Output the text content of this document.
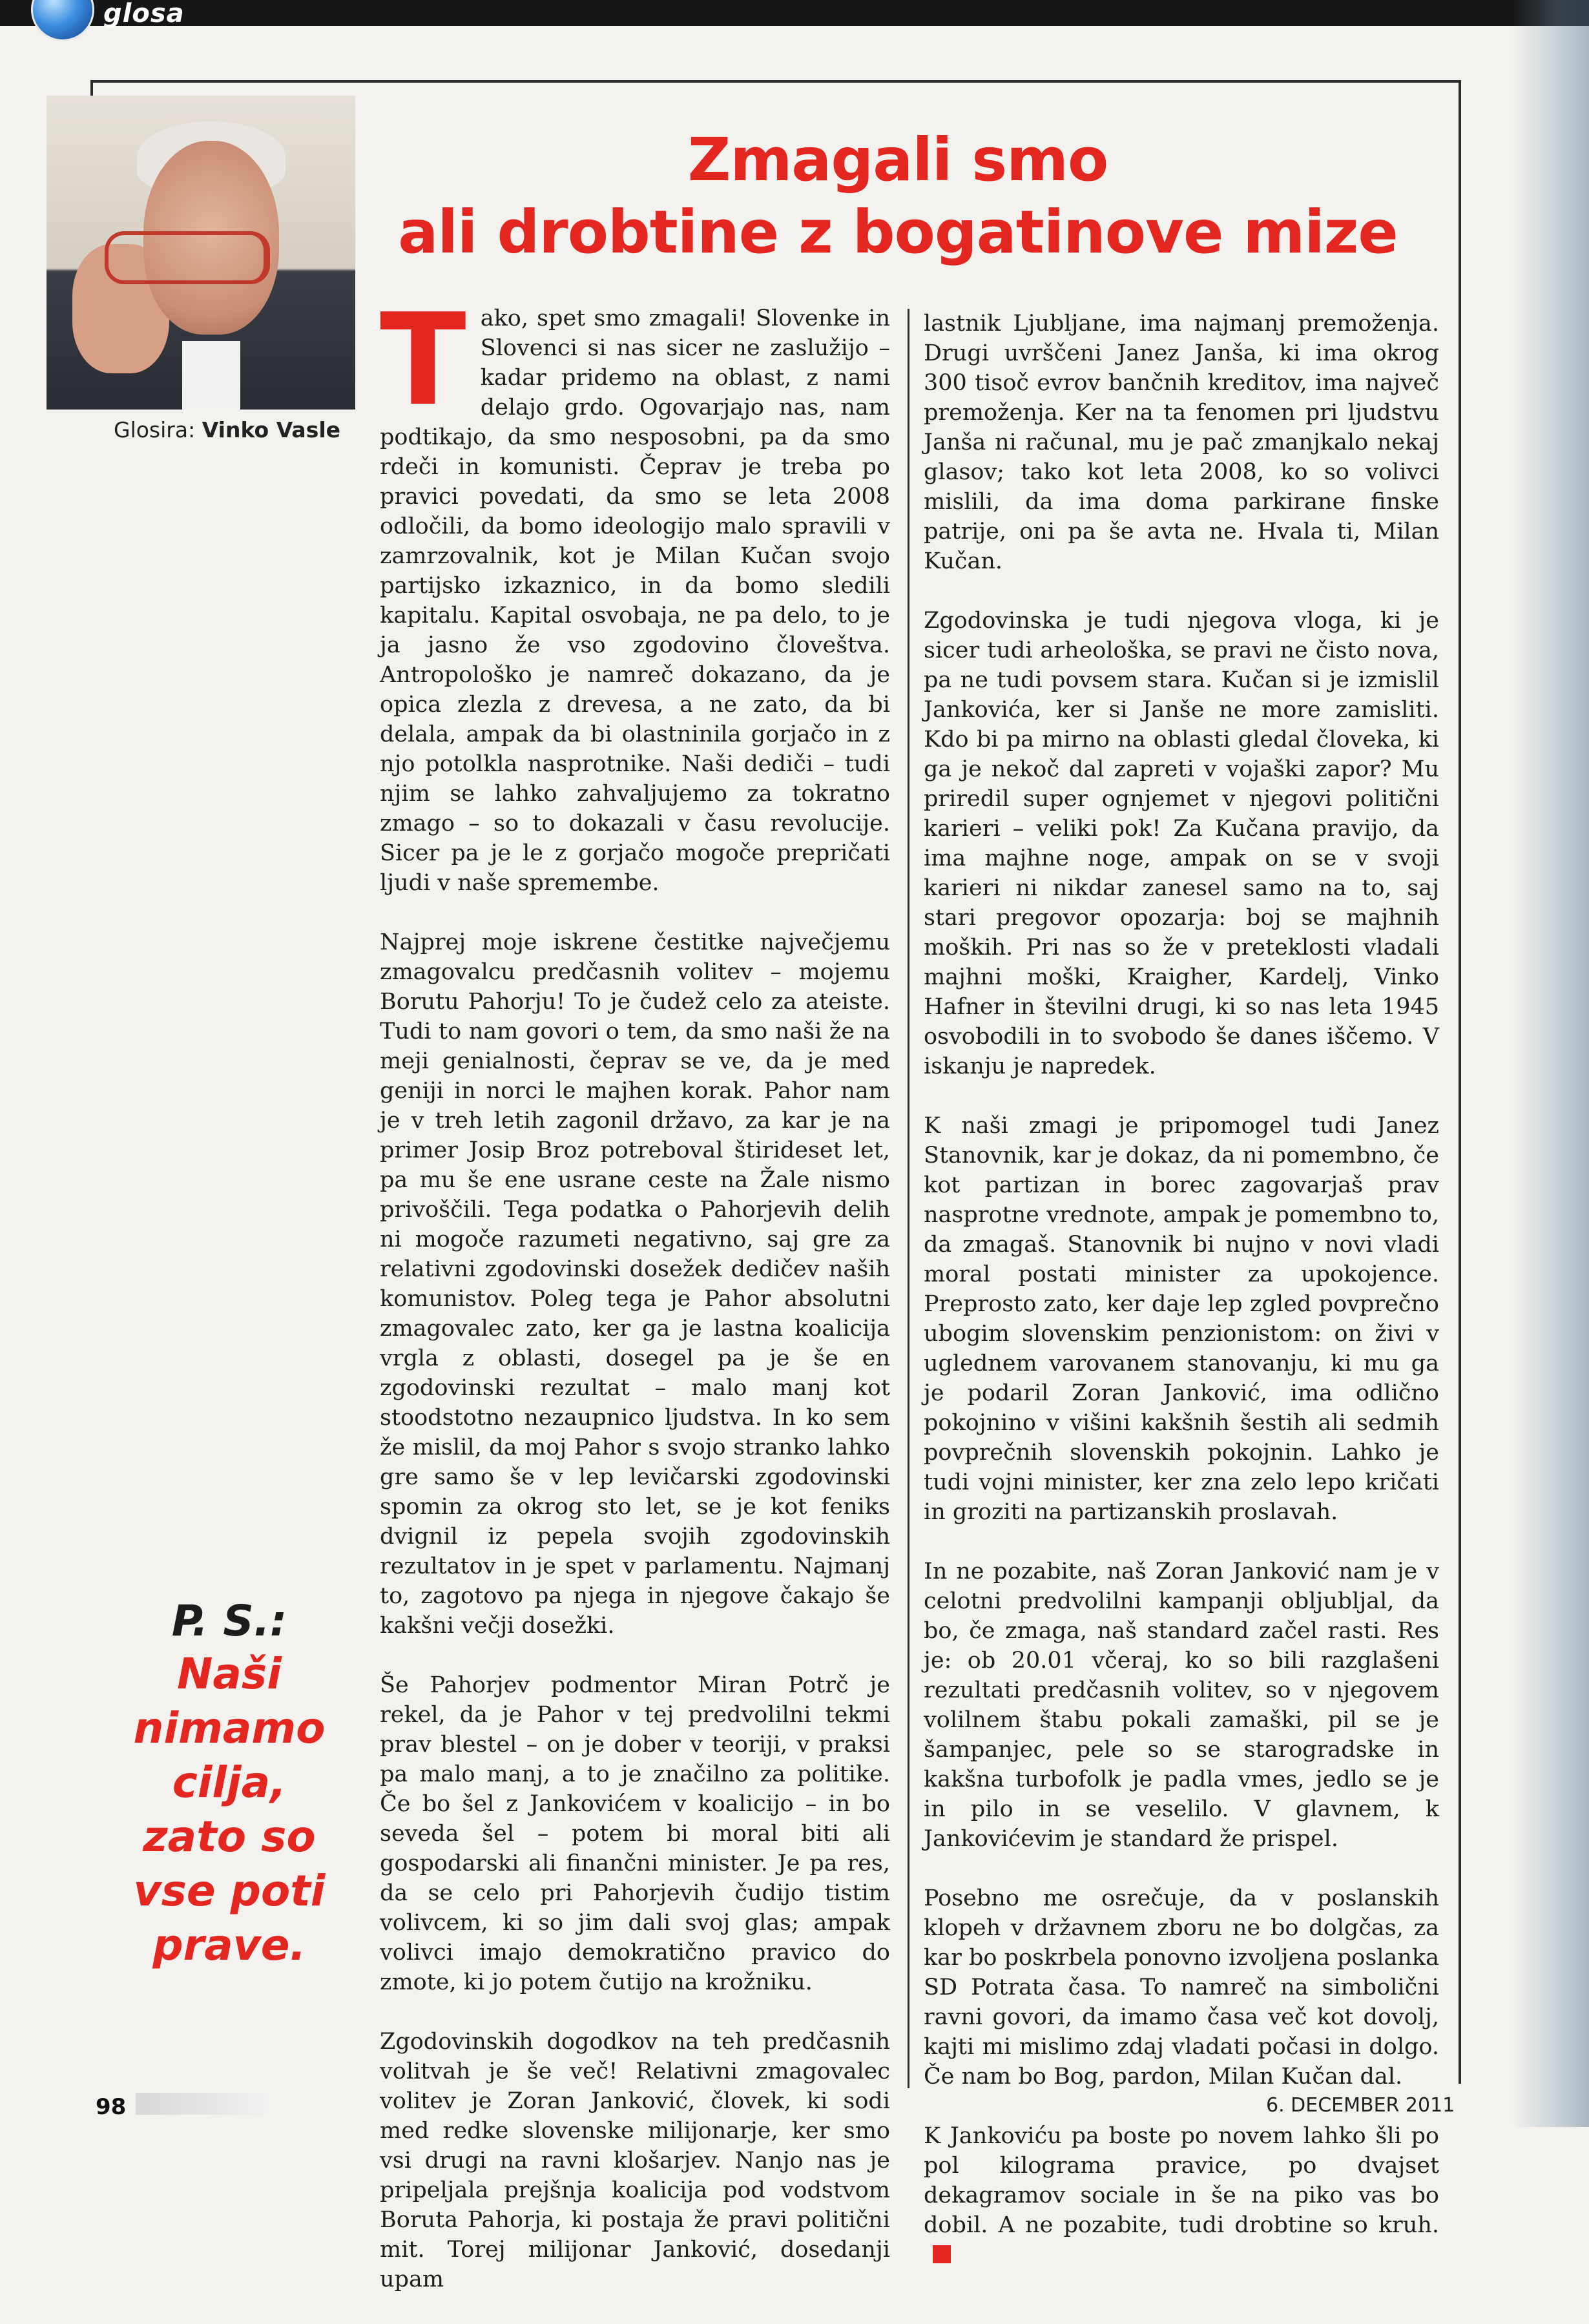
glosa
Glosira: Vinko Vasle
Zmagali smo
ali drobtine z bogatinove mize

Tako, spet smo zmagali! Slovenke in Slovenci si nas sicer ne zaslužijo – kadar pridemo na oblast, z nami delajo grdo. Ogovarjajo nas, nam podtikajo, da smo nesposobni, pa da smo rdeči in komunisti. Čeprav je treba po pravici povedati, da smo se leta 2008 odločili, da bomo ideologijo malo spravili v zamrzovalnik, kot je Milan Kučan svojo partijsko izkaznico, in da bomo sledili kapitalu. Kapital osvobaja, ne pa delo, to je ja jasno že vso zgodovino človeštva. Antropološko je namreč dokazano, da je opica zlezla z drevesa, a ne zato, da bi delala, ampak da bi olastninila gorjačo in z njo potolkla nasprotnike. Naši dediči – tudi njim se lahko zahvaljujemo za tokratno zmago – so to dokazali v času revolucije. Sicer pa je le z gorjačo mogoče prepričati ljudi v naše spremembe.

Najprej moje iskrene čestitke največjemu zmagovalcu predčasnih volitev – mojemu Borutu Pahorju! To je čudež celo za ateiste. Tudi to nam govori o tem, da smo naši že na meji genialnosti, čeprav se ve, da je med geniji in norci le majhen korak. Pahor nam je v treh letih zagonil državo, za kar je na primer Josip Broz potreboval štirideset let, pa mu še ene usrane ceste na Žale nismo privoščili. Tega podatka o Pahorjevih delih ni mogoče razumeti negativno, saj gre za relativni zgodovinski dosežek dedičev naših komunistov. Poleg tega je Pahor absolutni zmagovalec zato, ker ga je lastna koalicija vrgla z oblasti, dosegel pa je še en zgodovinski rezultat – malo manj kot stoodstotno nezaupnico ljudstva. In ko sem že mislil, da moj Pahor s svojo stranko lahko gre samo še v lep levičarski zgodovinski spomin za okrog sto let, se je kot feniks dvignil iz pepela svojih zgodovinskih rezultatov in je spet v parlamentu. Najmanj to, zagotovo pa njega in njegove čakajo še kakšni večji dosežki.

Še Pahorjev podmentor Miran Potrč je rekel, da je Pahor v tej predvolilni tekmi prav blestel – on je dober v teoriji, v praksi pa malo manj, a to je značilno za politike. Če bo šel z Jankovićem v koalicijo – in bo seveda šel – potem bi moral biti ali gospodarski ali finančni minister. Je pa res, da se celo pri Pahorjevih čudijo tistim volivcem, ki so jim dali svoj glas; ampak volivci imajo demokratično pravico do zmote, ki jo potem čutijo na krožniku.

Zgodovinskih dogodkov na teh predčasnih volitvah je še več! Relativni zmagovalec volitev je Zoran Janković, človek, ki sodi med redke slovenske milijonarje, ker smo vsi drugi na ravni klošarjev. Nanjo nas je pripeljala prejšnja koalicija pod vodstvom Boruta Pahorja, ki postaja že pravi politični mit. Torej milijonar Janković, dosedanji upam

lastnik Ljubljane, ima najmanj premoženja. Drugi uvrščeni Janez Janša, ki ima okrog 300 tisoč evrov bančnih kreditov, ima največ premoženja. Ker na ta fenomen pri ljudstvu Janša ni računal, mu je pač zmanjkalo nekaj glasov; tako kot leta 2008, ko so volivci mislili, da ima doma parkirane finske patrije, oni pa še avta ne. Hvala ti, Milan Kučan.

Zgodovinska je tudi njegova vloga, ki je sicer tudi arheološka, se pravi ne čisto nova, pa ne tudi povsem stara. Kučan si je izmislil Jankovića, ker si Janše ne more zamisliti. Kdo bi pa mirno na oblasti gledal človeka, ki ga je nekoč dal zapreti v vojaški zapor? Mu priredil super ognjemet v njegovi politični karieri – veliki pok! Za Kučana pravijo, da ima majhne noge, ampak on se v svoji karieri ni nikdar zanesel samo na to, saj stari pregovor opozarja: boj se majhnih moških. Pri nas so že v preteklosti vladali majhni moški, Kraigher, Kardelj, Vinko Hafner in številni drugi, ki so nas leta 1945 osvobodili in to svobodo še danes iščemo. V iskanju je napredek.

K naši zmagi je pripomogel tudi Janez Stanovnik, kar je dokaz, da ni pomembno, če kot partizan in borec zagovarjaš prav nasprotne vrednote, ampak je pomembno to, da zmagaš. Stanovnik bi nujno v novi vladi moral postati minister za upokojence. Preprosto zato, ker daje lep zgled povprečno ubogim slovenskim penzionistom: on živi v uglednem varovanem stanovanju, ki mu ga je podaril Zoran Janković, ima odlično pokojnino v višini kakšnih šestih ali sedmih povprečnih slovenskih pokojnin. Lahko je tudi vojni minister, ker zna zelo lepo kričati in groziti na partizanskih proslavah.

In ne pozabite, naš Zoran Janković nam je v celotni predvolilni kampanji obljubljal, da bo, če zmaga, naš standard začel rasti. Res je: ob 20.01 včeraj, ko so bili razglašeni rezultati predčasnih volitev, so v njegovem volilnem štabu pokali zamaški, pil se je šampanjec, pele so se starogradske in kakšna turbofolk je padla vmes, jedlo se je in pilo in se veselilo. V glavnem, k Jankovićevim je standard že prispel.

Posebno me osrečuje, da v poslanskih klopeh v državnem zboru ne bo dolgčas, za kar bo poskrbela ponovno izvoljena poslanka SD Potrata časa. To namreč na simbolični ravni govori, da imamo časa več kot dovolj, kajti mi mislimo zdaj vladati počasi in dolgo. Če nam bo Bog, pardon, Milan Kučan dal.

K Jankoviću pa boste po novem lahko šli po pol kilograma pravice, po dvajset dekagramov sociale in še na piko vas bo dobil. A ne pozabite, tudi drobtine so kruh.

P. S.:
Naši nimamo cilja, zato so vse poti prave.
98	6. DECEMBER 2011
